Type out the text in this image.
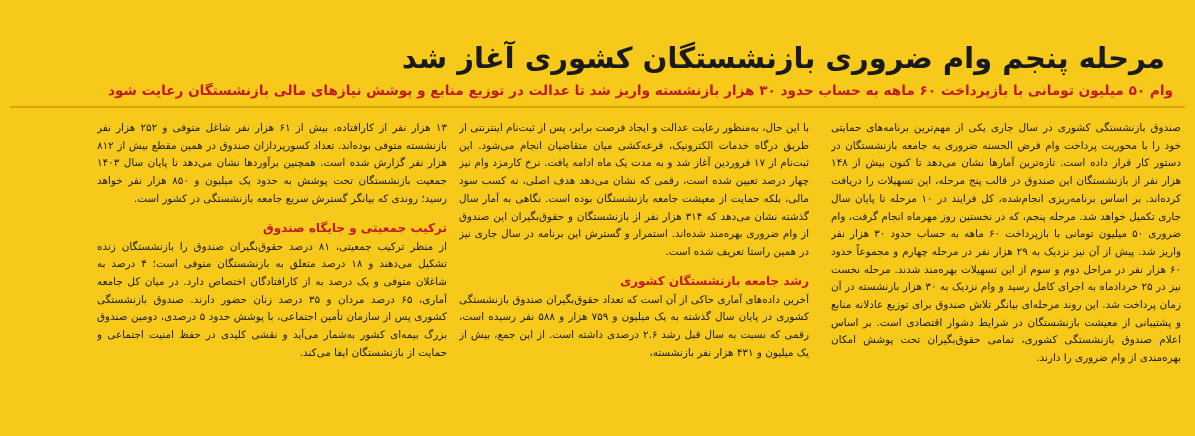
مرحله پنجم وام ضروری بازنشستگان کشوری آغاز شد
وام ۵۰ میلیون تومانی با بازپرداخت ۶۰ ماهه به حساب حدود ۳۰ هزار بازنشسته واریز شد تا عدالت در توزیع منابع و پوشش نیازهای مالی بازنشستگان رعایت شود

صندوق بازنشستگی کشوری در سال جاری یکی از مهم‌ترین برنامه‌های حمایتی خود را با محوریت پرداخت وام قرض الحسنه ضروری به جامعه بازنشستگان در دستور کار قرار داده است. تازه‌ترین آمارها نشان می‌دهد تا کنون بیش از ۱۴۸ هزار نفر از بازنشستگان این صندوق در قالب پنج مرحله، این تسهیلات را دریافت کرده‌اند. بر اساس برنامه‌ریزی انجام‌شده، کل فرایند در ۱۰ مرحله تا پایان سال جاری تکمیل خواهد شد. مرحله پنجم، که در نخستین روز مهرماه انجام گرفت، وام ضروری ۵۰ میلیون تومانی با بازپرداخت ۶۰ ماهه به حساب حدود ۳۰ هزار نفر واریز شد. پیش از آن نیز نزدیک به ۲۹ هزار نفر در مرحله چهارم و مجموعاً حدود ۶۰ هزار نفر در مراحل دوم و سوم از این تسهیلات بهره‌مند شدند. مرحله نخست نیز در ۲۵ خردادماه به اجرای کامل رسید و وام نزدیک به ۳۰ هزار بازنشسته در آن زمان پرداخت شد. این روند مرحله‌ای بیانگر تلاش صندوق برای توزیع عادلانه منابع و پشتیبانی از معیشت بازنشستگان در شرایط دشوار اقتصادی است. بر اساس اعلام صندوق بازنشستگی کشوری، تمامی حقوق‌بگیران تحت پوشش امکان بهره‌مندی از وام ضروری را دارند.

با این حال، به‌منظور رعایت عدالت و ایجاد فرصت برابر، پس از ثبت‌نام اینترنتی از طریق درگاه خدمات الکترونیک، قرعه‌کشی میان متقاضیان انجام می‌شود. این ثبت‌نام از ۱۷ فروردین آغاز شد و به مدت یک ماه ادامه یافت. نرخ کارمزد وام نیز چهار درصد تعیین شده است، رقمی که نشان می‌دهد هدف اصلی، نه کسب سود مالی، بلکه حمایت از معیشت جامعه بازنشستگان بوده است. نگاهی به آمار سال گذشته نشان می‌دهد که ۳۱۴ هزار نفر از بازنشستگان و حقوق‌بگیران این صندوق از وام ضروری بهره‌مند شده‌اند. استمرار و گسترش این برنامه در سال جاری نیز در همین راستا تعریف شده است.

رشد جامعه بازنشستگان کشوری

آخرین داده‌های آماری حاکی از آن است که تعداد حقوق‌بگیران صندوق بازنشستگی کشوری در پایان سال گذشته به یک میلیون و ۷۵۹ هزار و ۵۸۸ نفر رسیده است، رقمی که نسبت به سال قبل رشد ۲.۶ درصدی داشته است. از این جمع، بیش از یک میلیون و ۴۳۱ هزار نفر بازنشسته،

۱۳ هزار نفر از کارافتاده، بیش از ۶۱ هزار نفر شاغل متوفی و ۲۵۲ هزار نفر بازنشسته متوفی بوده‌اند. تعداد کسورپردازان صندوق در همین مقطع بیش از ۸۱۲ هزار نفر گزارش شده است. همچنین برآوردها نشان می‌دهد تا پایان سال ۱۴۰۳ جمعیت بازنشستگان تحت پوشش به حدود یک میلیون و ۸۵۰ هزار نفر خواهد رسید؛ روندی که بیانگر گسترش سریع جامعه بازنشستگی در کشور است.

ترکیب جمعیتی و جایگاه صندوق

از منظر ترکیب جمعیتی، ۸۱ درصد حقوق‌بگیران صندوق را بازنشستگان زنده تشکیل می‌دهند و ۱۸ درصد متعلق به بازنشستگان متوفی است؛ ۴ درصد به شاغلان متوفی و یک درصد به از کارافتادگان اختصاص دارد. در میان کل جامعه آماری، ۶۵ درصد مردان و ۳۵ درصد زنان حضور دارند. صندوق بازنشستگی کشوری پس از سازمان تأمین اجتماعی، با پوشش حدود ۵ درصدی، دومین صندوق بزرگ بیمه‌ای کشور به‌شمار می‌آید و نقشی کلیدی در حفظ امنیت اجتماعی و حمایت از بازنشستگان ایفا می‌کند.
